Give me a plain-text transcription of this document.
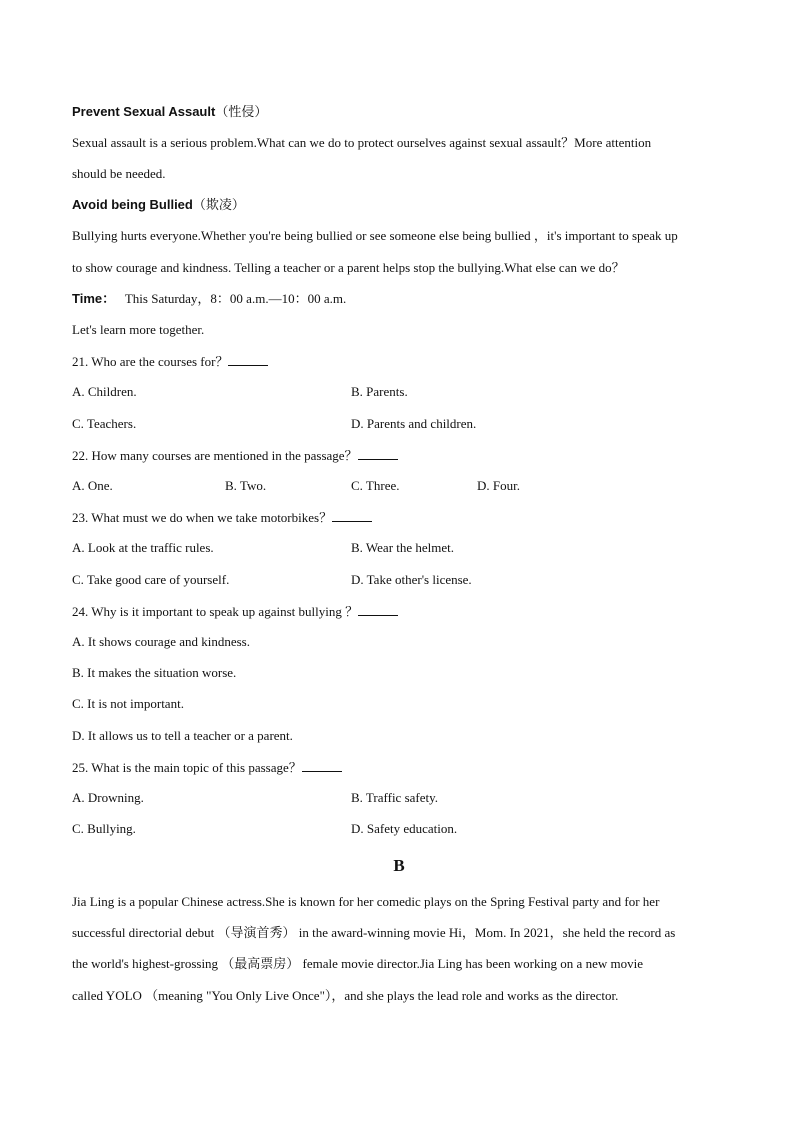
Prevent Sexual Assault（性侵）
Sexual assault is a serious problem.What can we do to protect ourselves against sexual assault？More attention
should be needed.
Avoid being Bullied（欺凌）
Bullying hurts everyone.Whether you're being bullied or see someone else being bullied ，it's important to speak up
to show courage and kindness. Telling a teacher or a parent helps stop the bullying.What else can we do？
Time： This Saturday，8：00 a.m.—10：00 a.m.
Let's learn more together.
21. Who are the courses for？
A. Children.	B. Parents.
C. Teachers.	D. Parents and children.
22. How many courses are mentioned in the passage？
A. One.	B. Two.	C. Three.	D. Four.
23. What must we do when we take motorbikes？
A. Look at the traffic rules.	B. Wear the helmet.
C. Take good care of yourself.	D. Take other's license.
24. Why is it important to speak up against bullying ？
A. It shows courage and kindness.
B. It makes the situation worse.
C. It is not important.
D. It allows us to tell a teacher or a parent.
25. What is the main topic of this passage？
A. Drowning.	B. Traffic safety.
C. Bullying.	D. Safety education.
B
Jia Ling is a popular Chinese actress.She is known for her comedic plays on the Spring Festival party and for her
successful directorial debut （导演首秀） in the award-winning movie Hi，Mom. In 2021，she held the record as
the world's highest-grossing （最高票房） female movie director.Jia Ling has been working on a new movie
called YOLO （meaning "You Only Live Once"），and she plays the lead role and works as the director.
